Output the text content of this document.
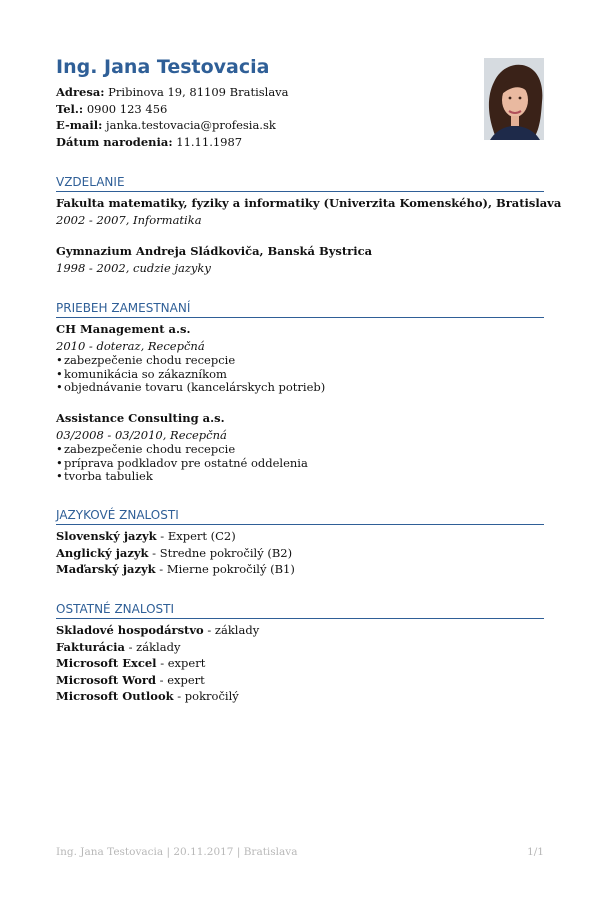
Ing. Jana Testovacia
Adresa: Pribinova 19, 81109 Bratislava
Tel.: 0900 123 456
E-mail: janka.testovacia@profesia.sk
Dátum narodenia: 11.11.1987
VZDELANIE
Fakulta matematiky, fyziky a informatiky (Univerzita Komenského), Bratislava
2002 - 2007, Informatika
Gymnazium Andreja Sládkoviča, Banská Bystrica
1998 - 2002, cudzie jazyky
PRIEBEH ZAMESTNANÍ
CH Management a.s.
2010 - doteraz, Recepčná
•zabezpečenie chodu recepcie
•komunikácia so zákazníkom
•objednávanie tovaru (kancelárskych potrieb)
Assistance Consulting a.s.
03/2008 - 03/2010, Recepčná
•zabezpečenie chodu recepcie
•príprava podkladov pre ostatné oddelenia
•tvorba tabuliek
JAZYKOVÉ ZNALOSTI
Slovenský jazyk - Expert (C2)
Anglický jazyk - Stredne pokročilý (B2)
Maďarský jazyk - Mierne pokročilý (B1)
OSTATNÉ ZNALOSTI
Skladové hospodárstvo - základy
Fakturácia - základy
Microsoft Excel - expert
Microsoft Word - expert
Microsoft Outlook - pokročilý
Ing. Jana Testovacia | 20.11.2017 | Bratislava	1/1
